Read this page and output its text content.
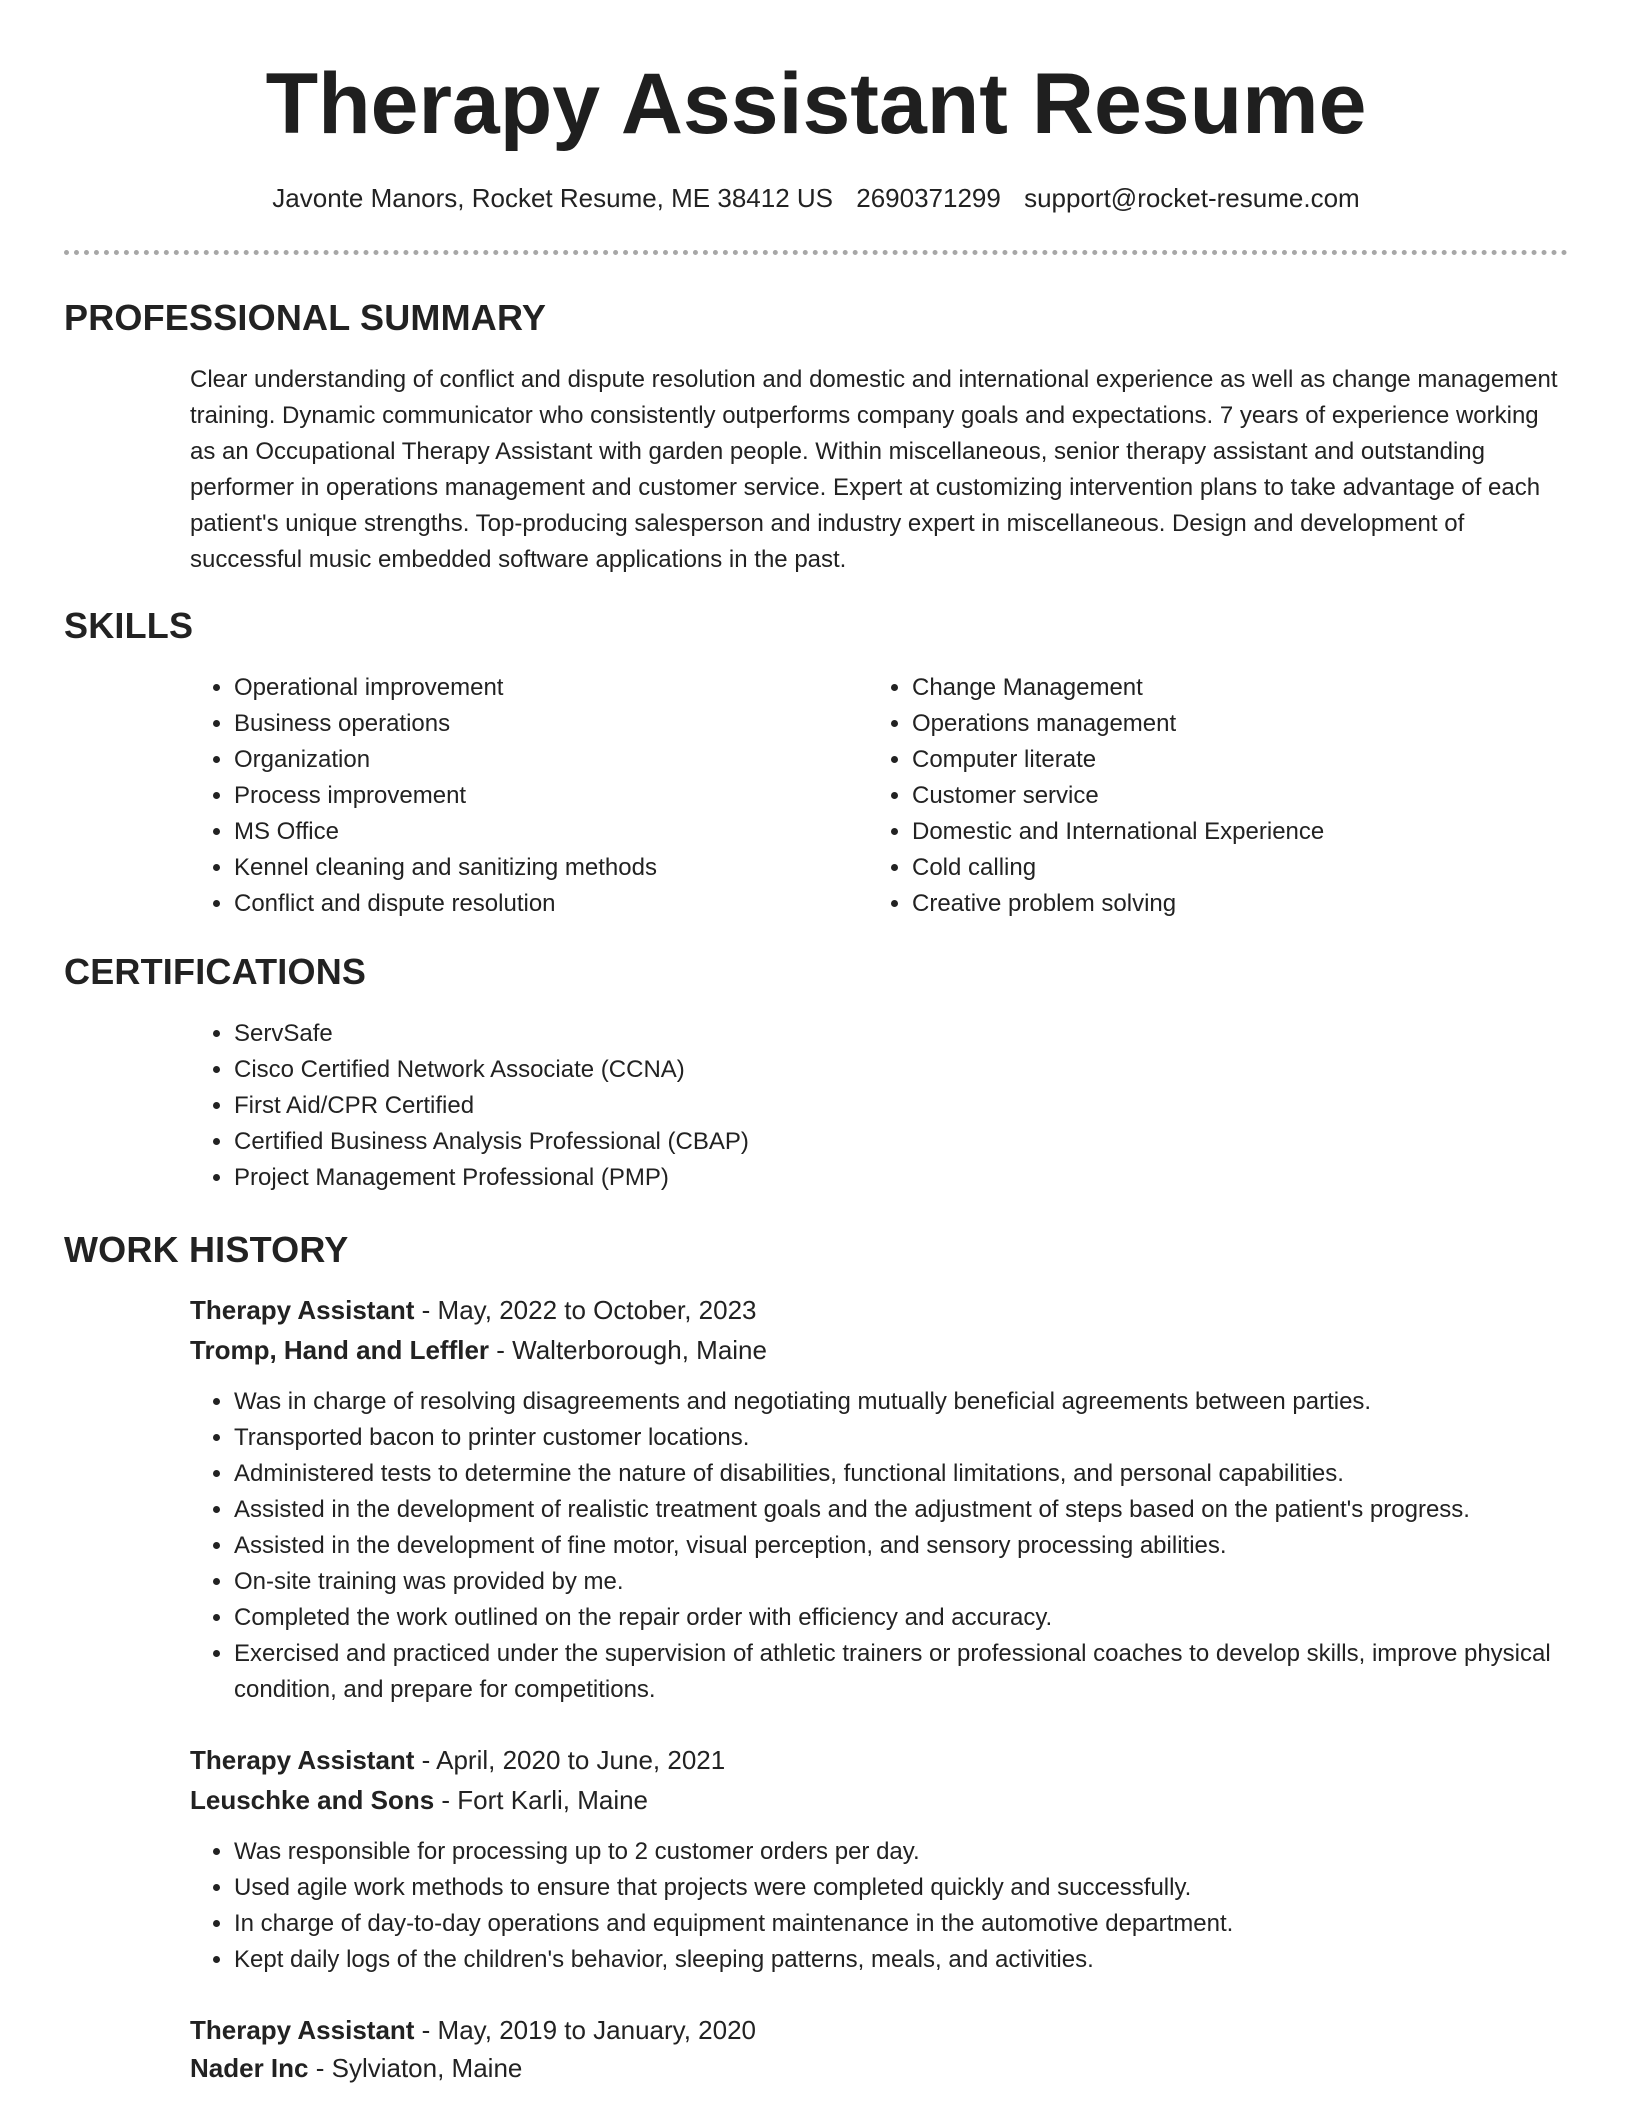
Therapy Assistant Resume
Javonte Manors, Rocket Resume, ME 38412 US 2690371299 support@rocket-resume.com
PROFESSIONAL SUMMARY

Clear understanding of conflict and dispute resolution and domestic and international experience as well as change management training. Dynamic communicator who consistently outperforms company goals and expectations. 7 years of experience working as an Occupational Therapy Assistant with garden people. Within miscellaneous, senior therapy assistant and outstanding performer in operations management and customer service. Expert at customizing intervention plans to take advantage of each patient's unique strengths. Top-producing salesperson and industry expert in miscellaneous. Design and development of successful music embedded software applications in the past.

SKILLS
• Operational improvement
• Business operations
• Organization
• Process improvement
• MS Office
• Kennel cleaning and sanitizing methods
• Conflict and dispute resolution
• Change Management
• Operations management
• Computer literate
• Customer service
• Domestic and International Experience
• Cold calling
• Creative problem solving
CERTIFICATIONS
• ServSafe
• Cisco Certified Network Associate (CCNA)
• First Aid/CPR Certified
• Certified Business Analysis Professional (CBAP)
• Project Management Professional (PMP)
WORK HISTORY
Therapy Assistant - May, 2022 to October, 2023
Tromp, Hand and Leffler - Walterborough, Maine
• Was in charge of resolving disagreements and negotiating mutually beneficial agreements between parties.
• Transported bacon to printer customer locations.
• Administered tests to determine the nature of disabilities, functional limitations, and personal capabilities.
• Assisted in the development of realistic treatment goals and the adjustment of steps based on the patient's progress.
• Assisted in the development of fine motor, visual perception, and sensory processing abilities.
• On-site training was provided by me.
• Completed the work outlined on the repair order with efficiency and accuracy.
• Exercised and practiced under the supervision of athletic trainers or professional coaches to develop skills, improve physical condition, and prepare for competitions.
Therapy Assistant - April, 2020 to June, 2021
Leuschke and Sons - Fort Karli, Maine
• Was responsible for processing up to 2 customer orders per day.
• Used agile work methods to ensure that projects were completed quickly and successfully.
• In charge of day-to-day operations and equipment maintenance in the automotive department.
• Kept daily logs of the children's behavior, sleeping patterns, meals, and activities.
Therapy Assistant - May, 2019 to January, 2020
Nader Inc - Sylviaton, Maine
